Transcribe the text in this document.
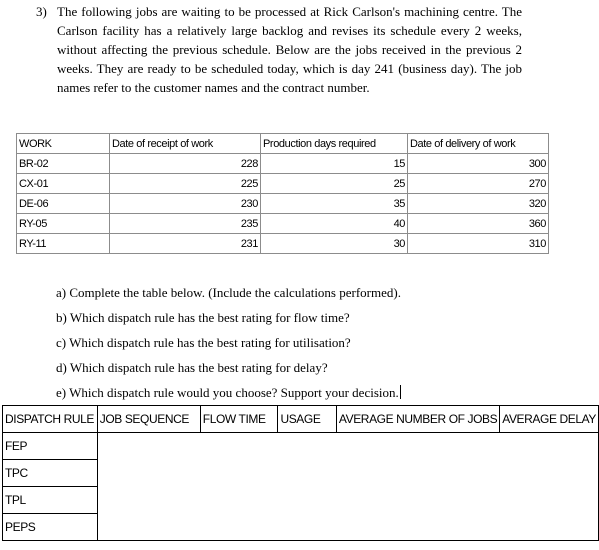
3) The following jobs are waiting to be processed at Rick Carlson's machining centre. The Carlson facility has a relatively large backlog and revises its schedule every 2 weeks, without affecting the previous schedule. Below are the jobs received in the previous 2 weeks. They are ready to be scheduled today, which is day 241 (business day). The job names refer to the customer names and the contract number.
WORK	Date of receipt of work	Production days required	Date of delivery of work
BR-02	228	15	300
CX-01	225	25	270
DE-06	230	35	320
RY-05	235	40	360
RY-11	231	30	310
a) Complete the table below. (Include the calculations performed).
b) Which dispatch rule has the best rating for flow time?
c) Which dispatch rule has the best rating for utilisation?
d) Which dispatch rule has the best rating for delay?
e) Which dispatch rule would you choose? Support your decision.
DISPATCH RULE	JOB SEQUENCE	FLOW TIME	USAGE	AVERAGE NUMBER OF JOBS	AVERAGE DELAY
FEP					
TPC					
TPL					
PEPS					
